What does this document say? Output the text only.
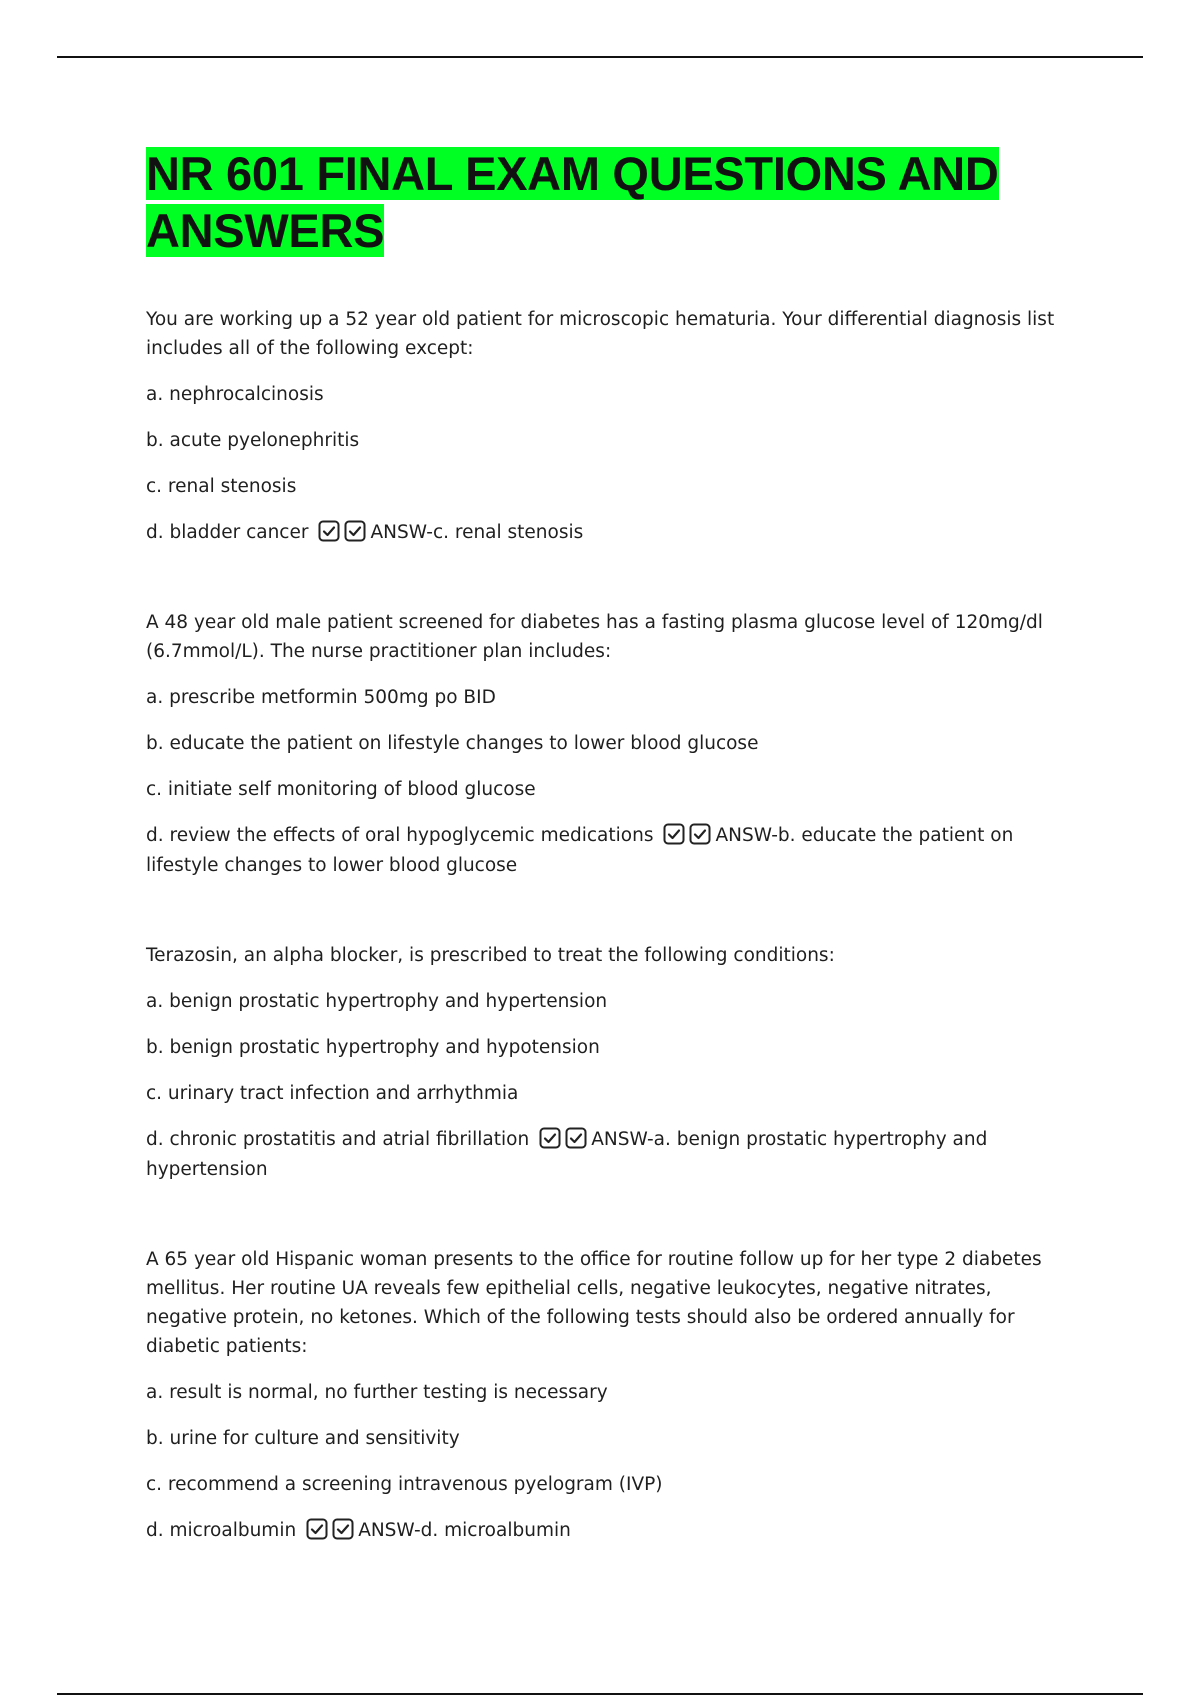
NR 601 FINAL EXAM QUESTIONS AND
ANSWERS

You are working up a 52 year old patient for microscopic hematuria. Your differential diagnosis list includes all of the following except:

a. nephrocalcinosis

b. acute pyelonephritis

c. renal stenosis

d. bladder cancer	ANSW-c. renal stenosis

A 48 year old male patient screened for diabetes has a fasting plasma glucose level of 120mg/dl (6.7mmol/L). The nurse practitioner plan includes:

a. prescribe metformin 500mg po BID

b. educate the patient on lifestyle changes to lower blood glucose

c. initiate self monitoring of blood glucose

d. review the effects of oral hypoglycemic medications	ANSW-b. educate the patient on lifestyle changes to lower blood glucose

Terazosin, an alpha blocker, is prescribed to treat the following conditions:

a. benign prostatic hypertrophy and hypertension

b. benign prostatic hypertrophy and hypotension

c. urinary tract infection and arrhythmia

d. chronic prostatitis and atrial fibrillation	ANSW-a. benign prostatic hypertrophy and hypertension

A 65 year old Hispanic woman presents to the office for routine follow up for her type 2 diabetes mellitus. Her routine UA reveals few epithelial cells, negative leukocytes, negative nitrates, negative protein, no ketones. Which of the following tests should also be ordered annually for diabetic patients:

a. result is normal, no further testing is necessary

b. urine for culture and sensitivity

c. recommend a screening intravenous pyelogram (IVP)

d. microalbumin	ANSW-d. microalbumin
